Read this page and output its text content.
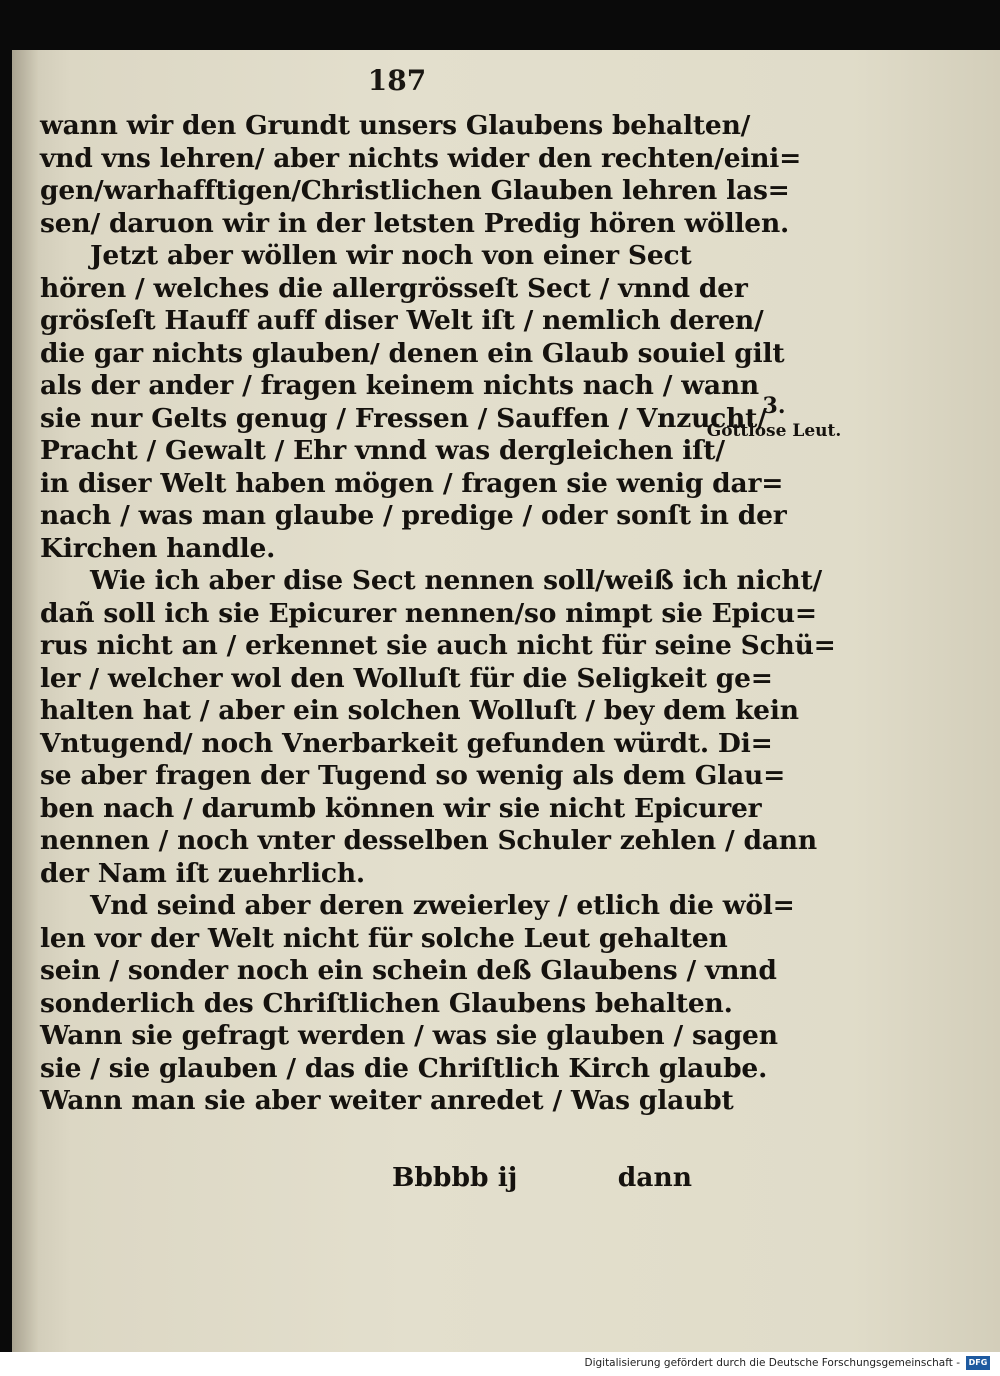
187
wann wir den Grundt unsers Glaubens behalten/
vnd vns lehren/ aber nichts wider den rechten/eini=
gen/warhafftigen/Christlichen Glauben lehren las=
sen/ daruon wir in der letsten Predig hören wöllen.
Jetzt aber wöllen wir noch von einer Sect
hören / welches die allergrösseſt Sect / vnnd der
grösſeſt Hauff auff diser Welt iſt / nemlich deren/
die gar nichts glauben/ denen ein Glaub souiel gilt
als der ander / fragen keinem nichts nach / wann
sie nur Gelts genug / Fressen / Sauffen / Vnzucht/
Pracht / Gewalt / Ehr vnnd was dergleichen iſt/
in diser Welt haben mögen / fragen sie wenig dar=
nach / was man glaube / predige / oder sonſt in der
Kirchen handle.
Wie ich aber dise Sect nennen soll/weiß ich nicht/
dañ soll ich sie Epicurer nennen/so nimpt sie Epicu=
rus nicht an / erkennet sie auch nicht für seine Schü=
ler / welcher wol den Wolluſt für die Seligkeit ge=
halten hat / aber ein solchen Wolluſt / bey dem kein
Vntugend/ noch Vnerbarkeit gefunden würdt. Di=
se aber fragen der Tugend so wenig als dem Glau=
ben nach / darumb können wir sie nicht Epicurer
nennen / noch vnter desselben Schuler zehlen / dann
der Nam iſt zuehrlich.
Vnd seind aber deren zweierley / etlich die wöl=
len vor der Welt nicht für solche Leut gehalten
sein / sonder noch ein schein deß Glaubens / vnnd
sonderlich des Chriſtlichen Glaubens behalten.
Wann sie gefragt werden / was sie glauben / sagen
sie / sie glauben / das die Chriſtlich Kirch glaube.
Wann man sie aber weiter anredet / Was glaubt
3.
Gottlose Leut.
Bbbbb ij	dann
Digitalisierung gefördert durch die Deutsche Forschungsgemeinschaft -	DFG
